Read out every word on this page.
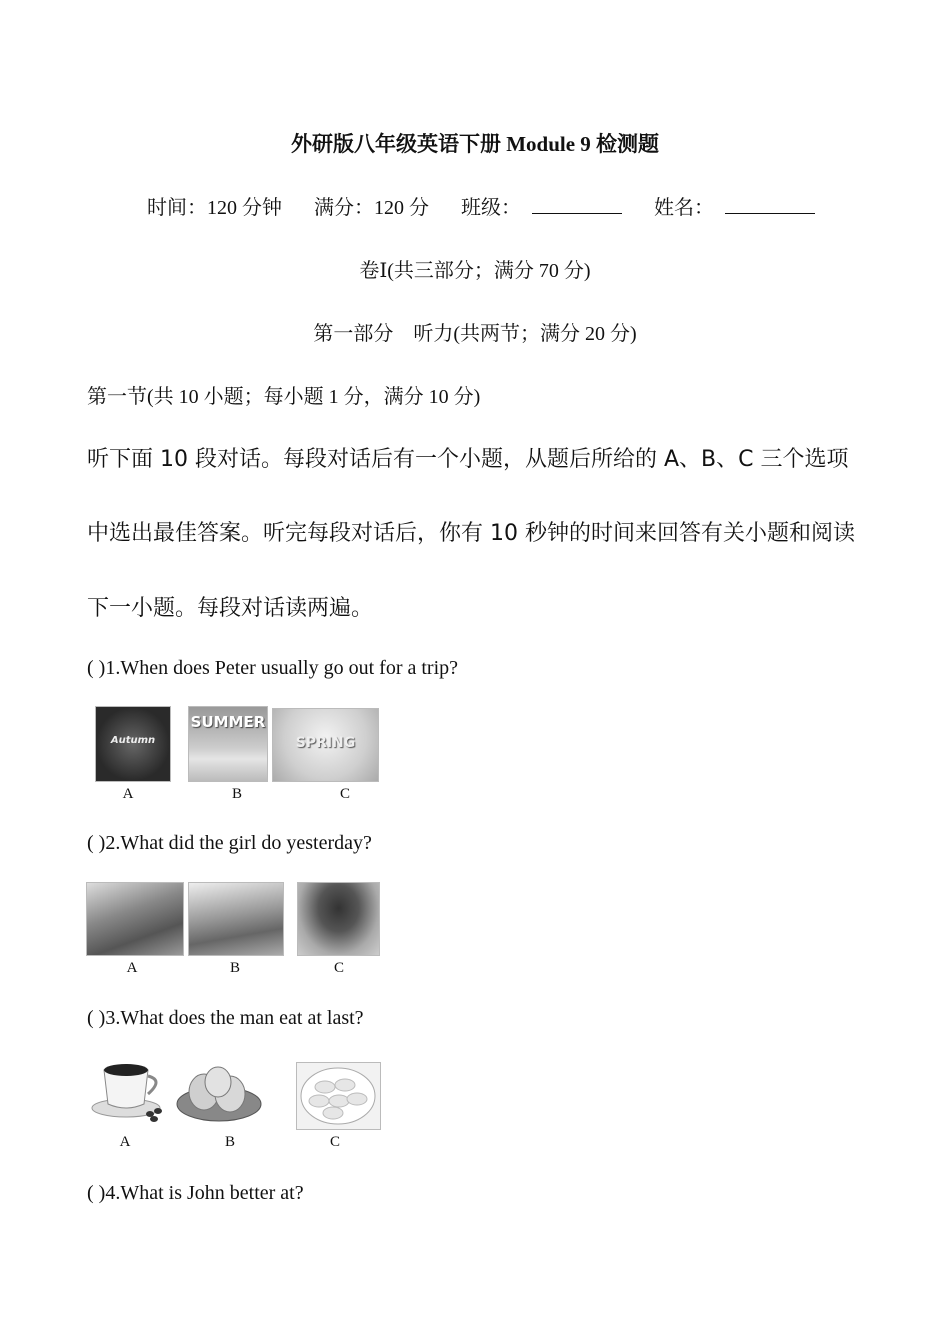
外研版八年级英语下册 Module 9 检测题
时间：120 分钟 满分：120 分 班级：	姓名：
卷Ⅰ(共三部分；满分 70 分)
第一部分　听力(共两节；满分 20 分)
第一节(共 10 小题；每小题 1 分，满分 10 分)
听下面 10 段对话。每段对话后有一个小题，从题后所给的 A、B、C 三个选项
中选出最佳答案。听完每段对话后，你有 10 秒钟的时间来回答有关小题和阅读
下一小题。每段对话读两遍。
( )1.When does Peter usually go out for a trip?
Autumn
SUMMER
SPRING
A	B	C
( )2.What did the girl do yesterday?
A	B	C
( )3.What does the man eat at last?
A	B	C
( )4.What is John better at?
